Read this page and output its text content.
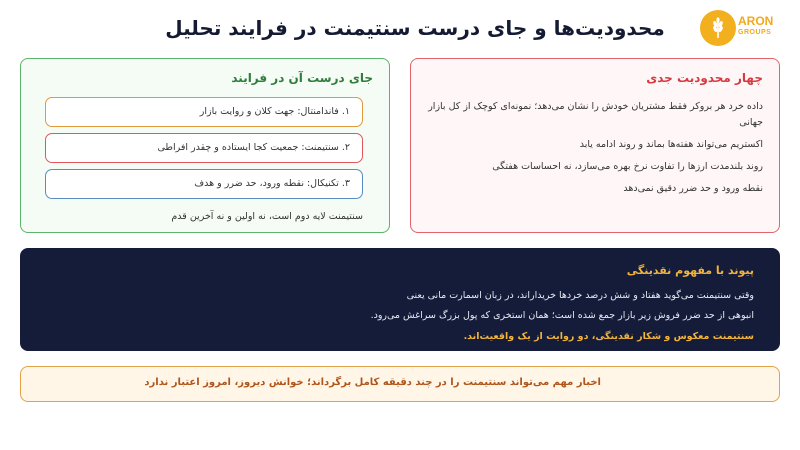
محدودیت‌ها و جای درست سنتیمنت در فرایند تحلیل	ARON
GROUPS
چهار محدودیت جدی
داده خرد هر بروکر فقط مشتریان خودش را نشان می‌دهد؛ نمونه‌ای کوچک از کل بازار جهانی
اکستریم می‌تواند هفته‌ها بماند و روند ادامه یابد
روند بلندمدت ارزها را تفاوت نرخ بهره می‌سازد، نه احساسات هفتگی
نقطه ورود و حد ضرر دقیق نمی‌دهد
جای درست آن در فرایند
۱. فاندامنتال: جهت کلان و روایت بازار
۲. سنتیمنت: جمعیت کجا ایستاده و چقدر افراطی
۳. تکنیکال: نقطه ورود، حد ضرر و هدف
سنتیمنت لایه دوم است، نه اولین و نه آخرین قدم
پیوند با مفهوم نقدینگی
وقتی سنتیمنت می‌گوید هفتاد و شش درصد خردها خریداراند، در زبان اسمارت مانی یعنی
انبوهی از حد ضرر فروش زیر بازار جمع شده است؛ همان استخری که پول بزرگ سراغش می‌رود.
سنتیمنت معکوس و شکار نقدینگی، دو روایت از یک واقعیت‌اند.
اخبار مهم می‌تواند سنتیمنت را در چند دقیقه کامل برگرداند؛ خوانش دیروز، امروز اعتبار ندارد
